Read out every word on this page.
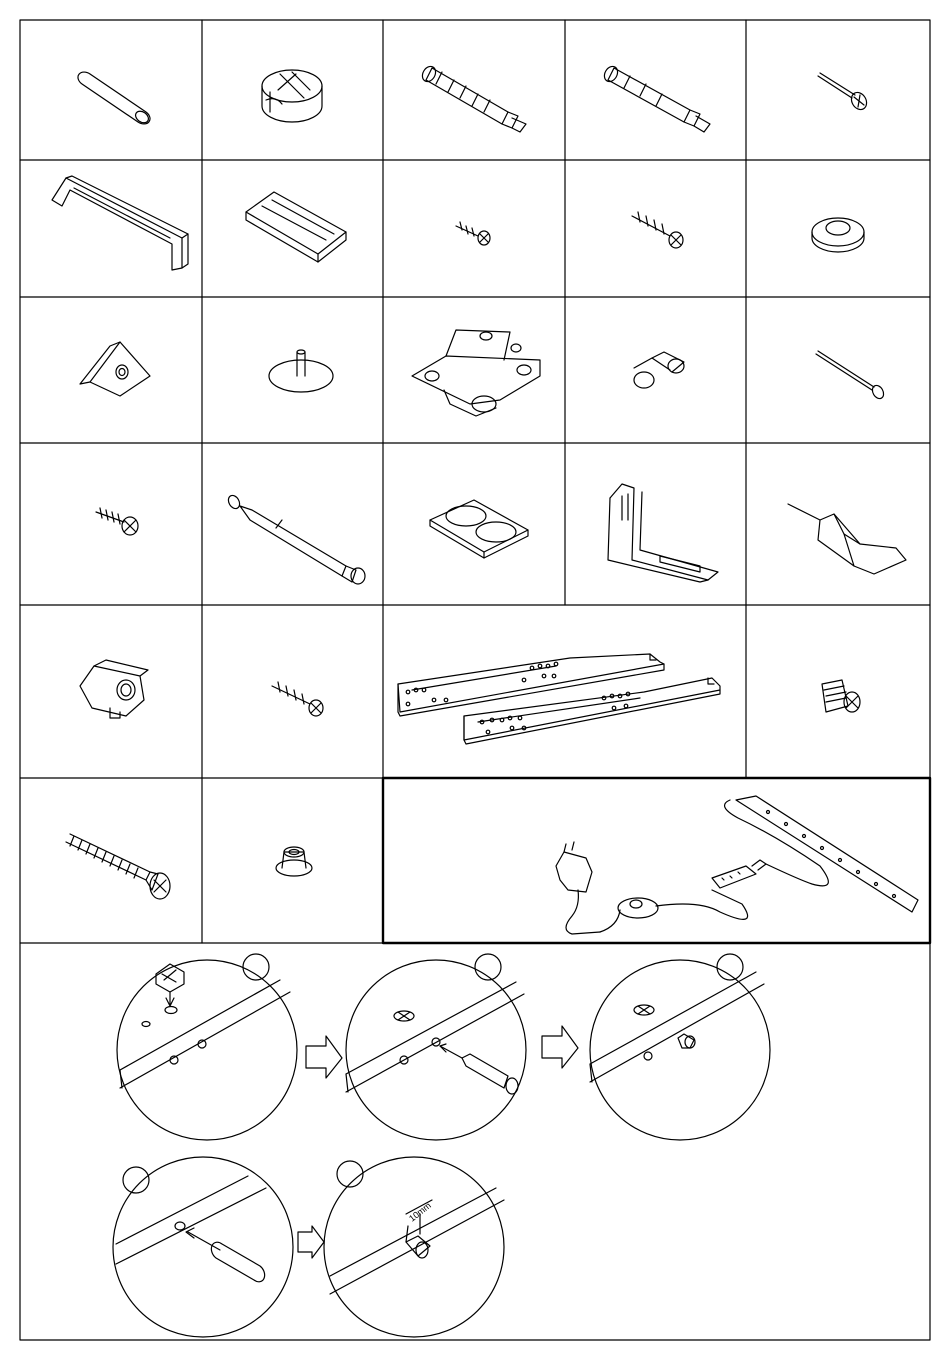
10mm
